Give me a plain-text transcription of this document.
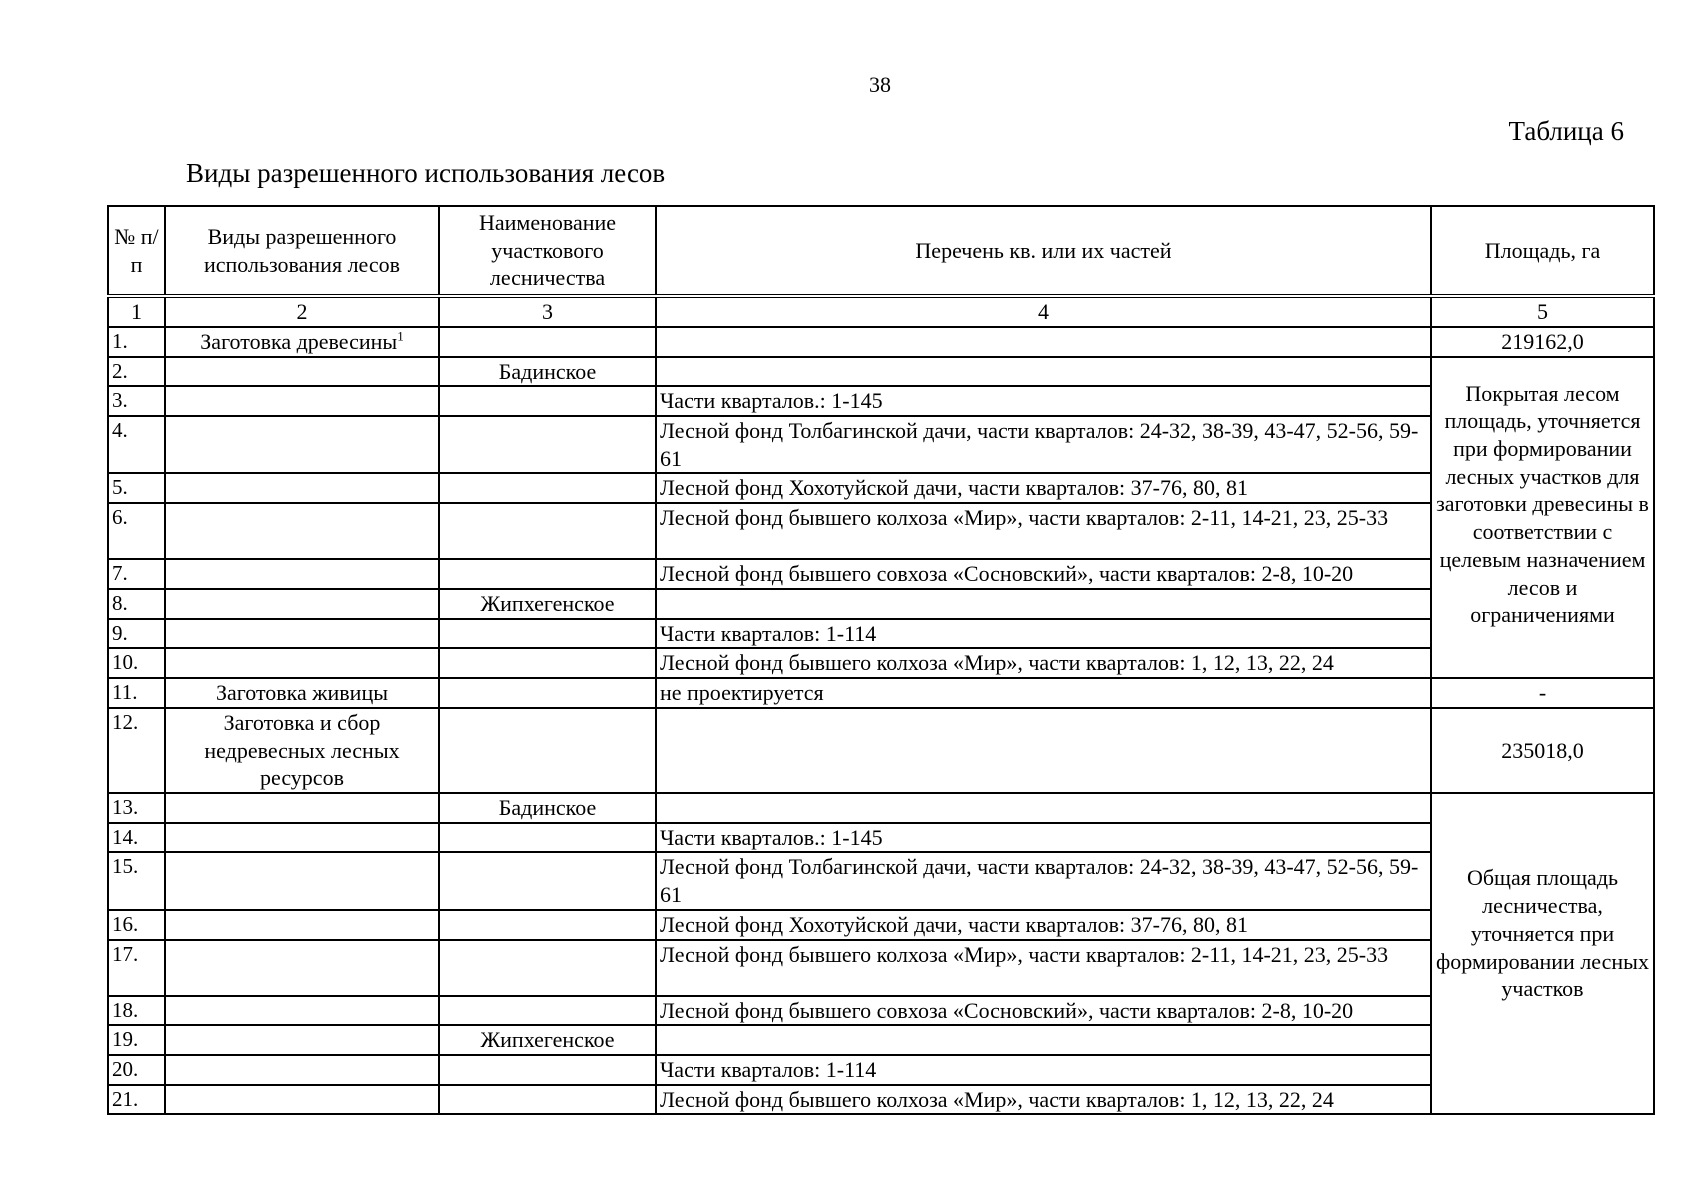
38
Таблица 6
Виды разрешенного использования лесов
№ п/п	Виды разрешенного использования лесов	Наименование участкового лесничества	Перечень кв. или их частей	Площадь, га
1	2	3	4	5
1.	Заготовка древесины$^1$			219162,0
2.		Бадинское		Покрытая лесом площадь, уточняется при формировании лесных участков для заготовки древесины в соответствии с целевым назначением лесов и ограничениями
3.			Части кварталов.: 1-145	
4.			Лесной фонд Толбагинской дачи, части кварталов: 24-32, 38-39, 43-47, 52-56, 59-61	
5.			Лесной фонд Хохотуйской дачи, части кварталов: 37-76, 80, 81	
6.			Лесной фонд бывшего колхоза «Мир», части кварталов: 2-11, 14-21, 23, 25-33	
7.			Лесной фонд бывшего совхоза «Сосновский», части кварталов: 2-8, 10-20	
8.		Жипхегенское		
9.			Части кварталов: 1-114	
10.			Лесной фонд бывшего колхоза «Мир», части кварталов: 1, 12, 13, 22, 24	
11.	Заготовка живицы		не проектируется	-
12.	Заготовка и сбор недревесных лесных ресурсов			235018,0
13.		Бадинское		Общая площадь лесничества, уточняется при формировании лесных участков
14.			Части кварталов.: 1-145	
15.			Лесной фонд Толбагинской дачи, части кварталов: 24-32, 38-39, 43-47, 52-56, 59-61	
16.			Лесной фонд Хохотуйской дачи, части кварталов: 37-76, 80, 81	
17.			Лесной фонд бывшего колхоза «Мир», части кварталов: 2-11, 14-21, 23, 25-33	
18.			Лесной фонд бывшего совхоза «Сосновский», части кварталов: 2-8, 10-20	
19.		Жипхегенское		
20.			Части кварталов: 1-114	
21.			Лесной фонд бывшего колхоза «Мир», части кварталов: 1, 12, 13, 22, 24	
